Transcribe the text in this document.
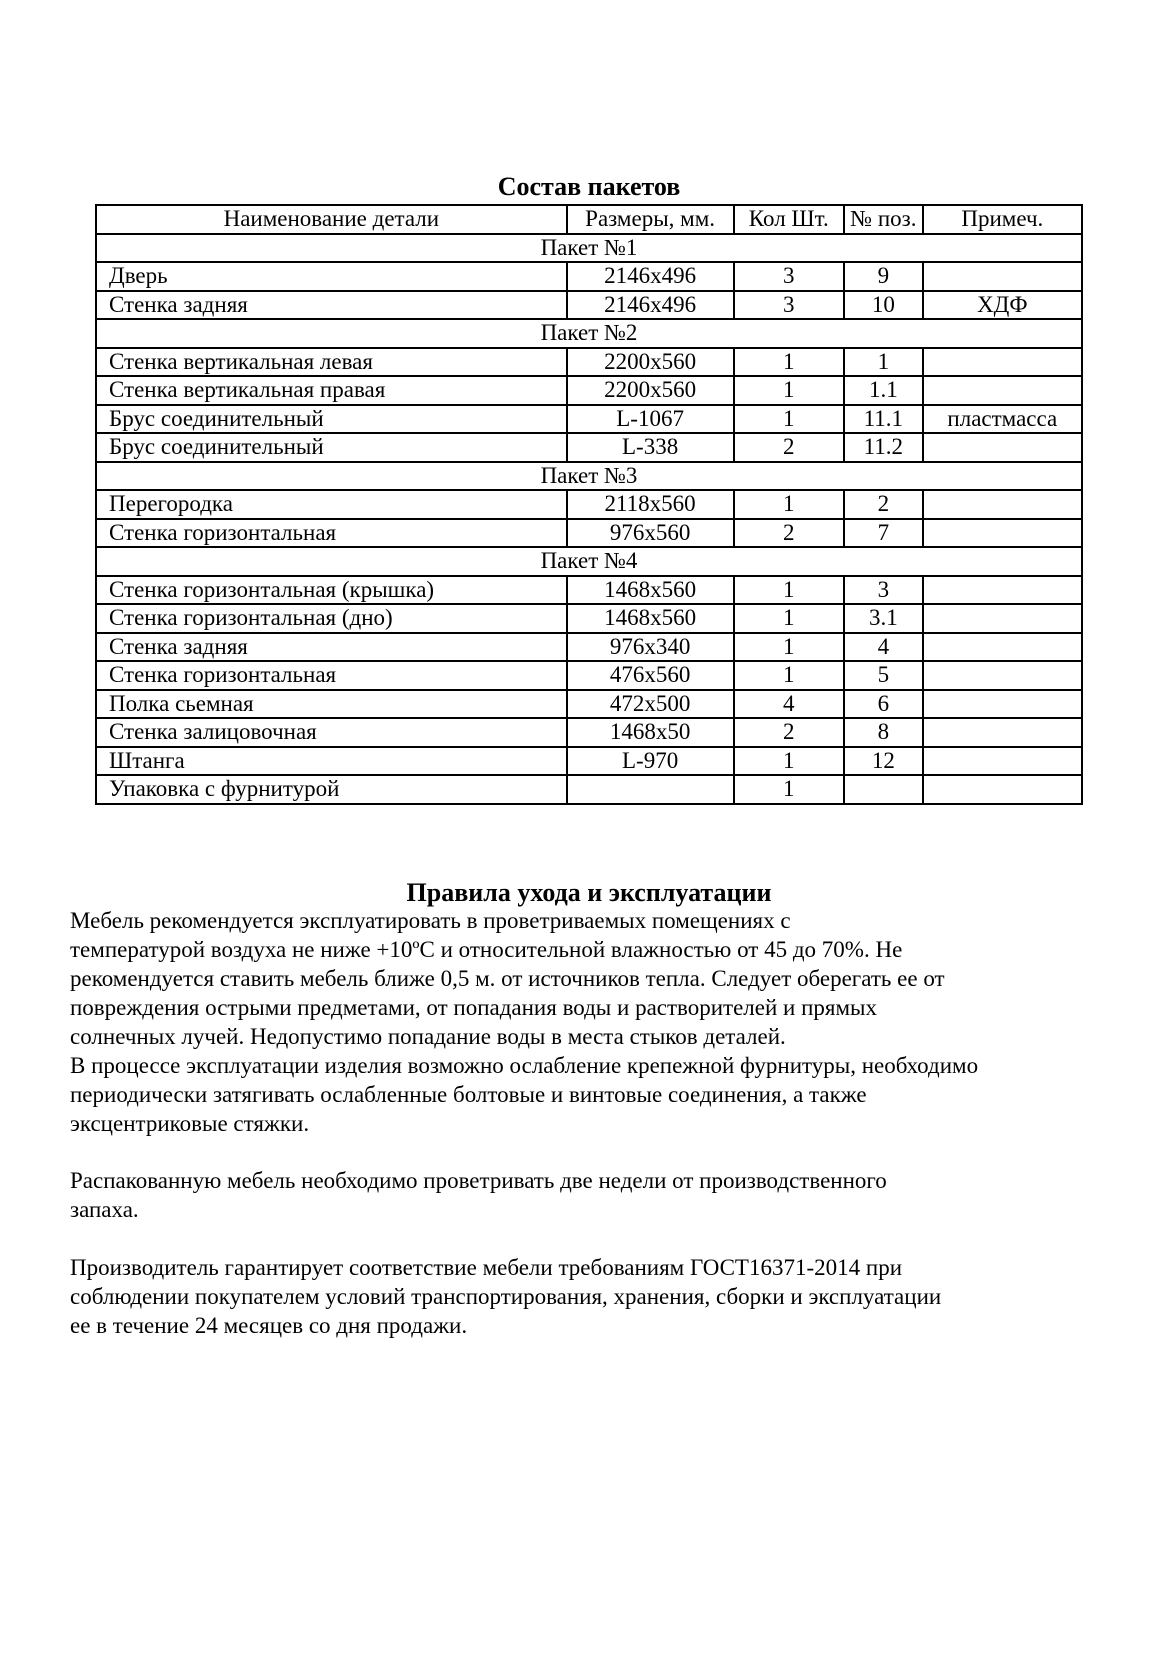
Состав пакетов
Наименование детали	Размеры, мм.	Кол Шт.	№ поз.	Примеч.
Пакет №1				
Дверь	2146х496	3	9	
Стенка задняя	2146х496	3	10	ХДФ
Пакет №2				
Стенка вертикальная левая	2200х560	1	1	
Стенка вертикальная правая	2200х560	1	1.1	
Брус соединительный	L-1067	1	11.1	пластмасса
Брус соединительный	L-338	2	11.2	
Пакет №3				
Перегородка	2118х560	1	2	
Стенка горизонтальная	976х560	2	7	
Пакет №4				
Стенка горизонтальная (крышка)	1468х560	1	3	
Стенка горизонтальная (дно)	1468х560	1	3.1	
Стенка задняя	976х340	1	4	
Стенка горизонтальная	476х560	1	5	
Полка сьемная	472х500	4	6	
Стенка залицовочная	1468х50	2	8	
Штанга	L-970	1	12	
Упаковка с фурнитурой		1		
Правила ухода и эксплуатации
Мебель рекомендуется эксплуатировать в проветриваемых помещениях с
температурой воздуха не ниже +10ºС и относительной влажностью от 45 до 70%. Не
рекомендуется ставить мебель ближе 0,5 м. от источников тепла. Следует оберегать ее от
повреждения острыми предметами, от попадания воды и растворителей и прямых
солнечных лучей. Недопустимо попадание воды в места стыков деталей.
В процессе эксплуатации изделия возможно ослабление крепежной фурнитуры, необходимо
периодически затягивать ослабленные болтовые и винтовые соединения, а также
эксцентриковые стяжки.
Распакованную мебель необходимо проветривать две недели от производственного
запаха.
Производитель гарантирует соответствие мебели требованиям ГОСТ16371-2014 при
соблюдении покупателем условий транспортирования, хранения, сборки и эксплуатации
ее в течение 24 месяцев со дня продажи.
